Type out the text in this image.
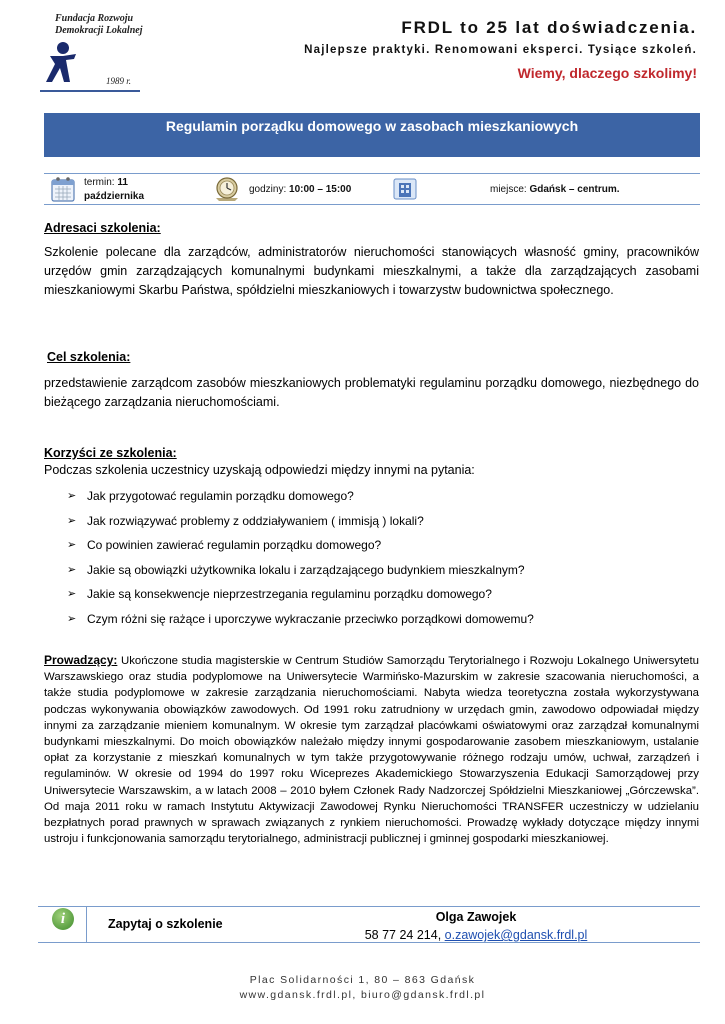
Fundacja Rozwoju
Demokracji Lokalnej
1989 r.
FRDL to 25 lat doświadczenia.
Najlepsze praktyki. Renomowani eksperci. Tysiące szkoleń.
Wiemy, dlaczego szkolimy!
Regulamin porządku domowego w zasobach mieszkaniowych
termin: 11
października
godziny: 10:00 – 15:00	miejsce: Gdańsk – centrum.
Adresaci szkolenia:
Szkolenie polecane dla zarządców, administratorów nieruchomości stanowiących własność gminy, pracowników urzędów gmin zarządzających komunalnymi budynkami mieszkalnymi, a także dla zarządzających zasobami mieszkaniowymi Skarbu Państwa, spółdzielni mieszkaniowych i towarzystw budownictwa społecznego.
Cel szkolenia:
przedstawienie zarządcom zasobów mieszkaniowych problematyki regulaminu porządku domowego, niezbędnego do bieżącego zarządzania nieruchomościami.
Korzyści ze szkolenia:
Podczas szkolenia uczestnicy uzyskają odpowiedzi między innymi na pytania:
➢ Jak przygotować regulamin porządku domowego?
➢ Jak rozwiązywać problemy z oddziaływaniem ( immisją ) lokali?
➢ Co powinien zawierać regulamin porządku domowego?
➢ Jakie są obowiązki użytkownika lokalu i zarządzającego budynkiem mieszkalnym?
➢ Jakie są konsekwencje nieprzestrzegania regulaminu porządku domowego?
➢ Czym różni się rażące i uporczywe wykraczanie przeciwko porządkowi domowemu?
Prowadzący: Ukończone studia magisterskie w Centrum Studiów Samorządu Terytorialnego i Rozwoju Lokalnego Uniwersytetu Warszawskiego oraz studia podyplomowe na Uniwersytecie Warmińsko-Mazurskim w zakresie szacowania nieruchomości, a także studia podyplomowe w zakresie zarządzania nieruchomościami. Nabyta wiedza teoretyczna została wykorzystywana podczas wykonywania obowiązków zawodowych. Od 1991 roku zatrudniony w urzędach gmin, zawodowo odpowiadał między innymi za zarządzanie mieniem komunalnym. W okresie tym zarządzał placówkami oświatowymi oraz zarządzał komunalnymi budynkami mieszkalnymi. Do moich obowiązków należało między innymi gospodarowanie zasobem mieszkaniowym, ustalanie opłat za korzystanie z mieszkań komunalnych w tym także przygotowywanie różnego rodzaju umów, uchwał, zarządzeń i regulaminów. W okresie od 1994 do 1997 roku Wiceprezes Akademickiego Stowarzyszenia Edukacji Samorządowej przy Uniwersytecie Warszawskim, a w latach 2008 – 2010 byłem Członek Rady Nadzorczej Spółdzielni Mieszkaniowej „Górczewska”. Od maja 2011 roku w ramach Instytutu Aktywizacji Zawodowej Rynku Nieruchomości TRANSFER uczestniczy w udzielaniu bezpłatnych porad prawnych w sprawach związanych z rynkiem nieruchomości. Prowadzę wykłady dotyczące między innymi ustroju i funkcjonowania samorządu terytorialnego, administracji publicznej i gminnej gospodarki mieszkaniowej.
i	Zapytaj o szkolenie	Olga Zawojek
58 77 24 214, o.zawojek@gdansk.frdl.pl
Plac Solidarności 1, 80 – 863 Gdańsk
www.gdansk.frdl.pl, biuro@gdansk.frdl.pl
